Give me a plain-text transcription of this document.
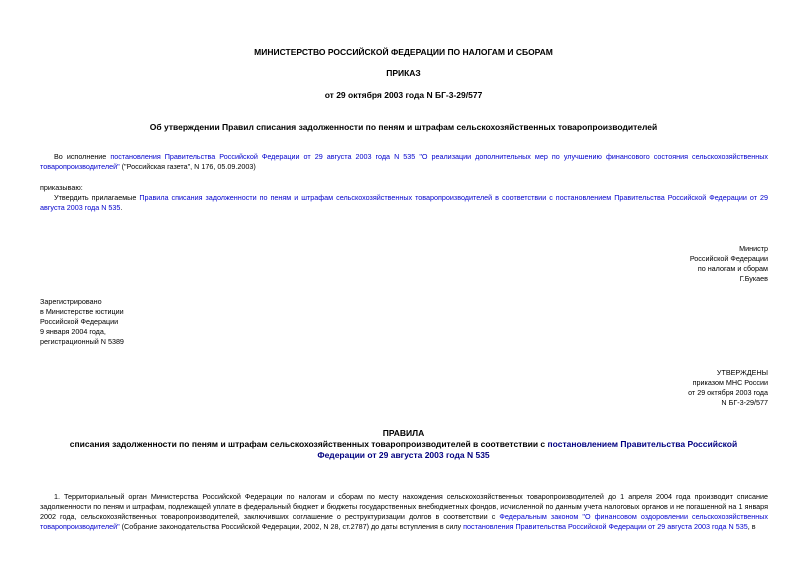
МИНИСТЕРСТВО РОССИЙСКОЙ ФЕДЕРАЦИИ ПО НАЛОГАМ И СБОРАМ
ПРИКАЗ
от 29 октября 2003 года N БГ-3-29/577
Об утверждении Правил списания задолженности по пеням и штрафам сельскохозяйственных товаропроизводителей
Во исполнение постановления Правительства Российской Федерации от 29 августа 2003 года N 535 "О реализации дополнительных мер по улучшению финансового состояния сельскохозяйственных товаропроизводителей" ("Российская газета", N 176, 05.09.2003)
приказываю:
Утвердить прилагаемые Правила списания задолженности по пеням и штрафам сельскохозяйственных товаропроизводителей в соответствии с постановлением Правительства Российской Федерации от 29 августа 2003 года N 535.
Министр
Российской Федерации
по налогам и сборам
Г.Букаев
Зарегистрировано
в Министерстве юстиции
Российской Федерации
9 января 2004 года,
регистрационный N 5389
УТВЕРЖДЕНЫ
приказом МНС России
от 29 октября 2003 года
N БГ-3-29/577
ПРАВИЛА
списания задолженности по пеням и штрафам сельскохозяйственных товаропроизводителей в соответствии с постановлением Правительства Российской Федерации от 29 августа 2003 года N 535
1. Территориальный орган Министерства Российской Федерации по налогам и сборам по месту нахождения сельскохозяйственных товаропроизводителей до 1 апреля 2004 года производит списание задолженности по пеням и штрафам, подлежащей уплате в федеральный бюджет и бюджеты государственных внебюджетных фондов, исчисленной по данным учета налоговых органов и не погашенной на 1 января 2002 года, сельскохозяйственных товаропроизводителей, заключивших соглашение о реструктуризации долгов в соответствии с Федеральным законом "О финансовом оздоровлении сельскохозяйственных товаропроизводителей" (Собрание законодательства Российской Федерации, 2002, N 28, ст.2787) до даты вступления в силу постановления Правительства Российской Федерации от 29 августа 2003 года N 535, в
